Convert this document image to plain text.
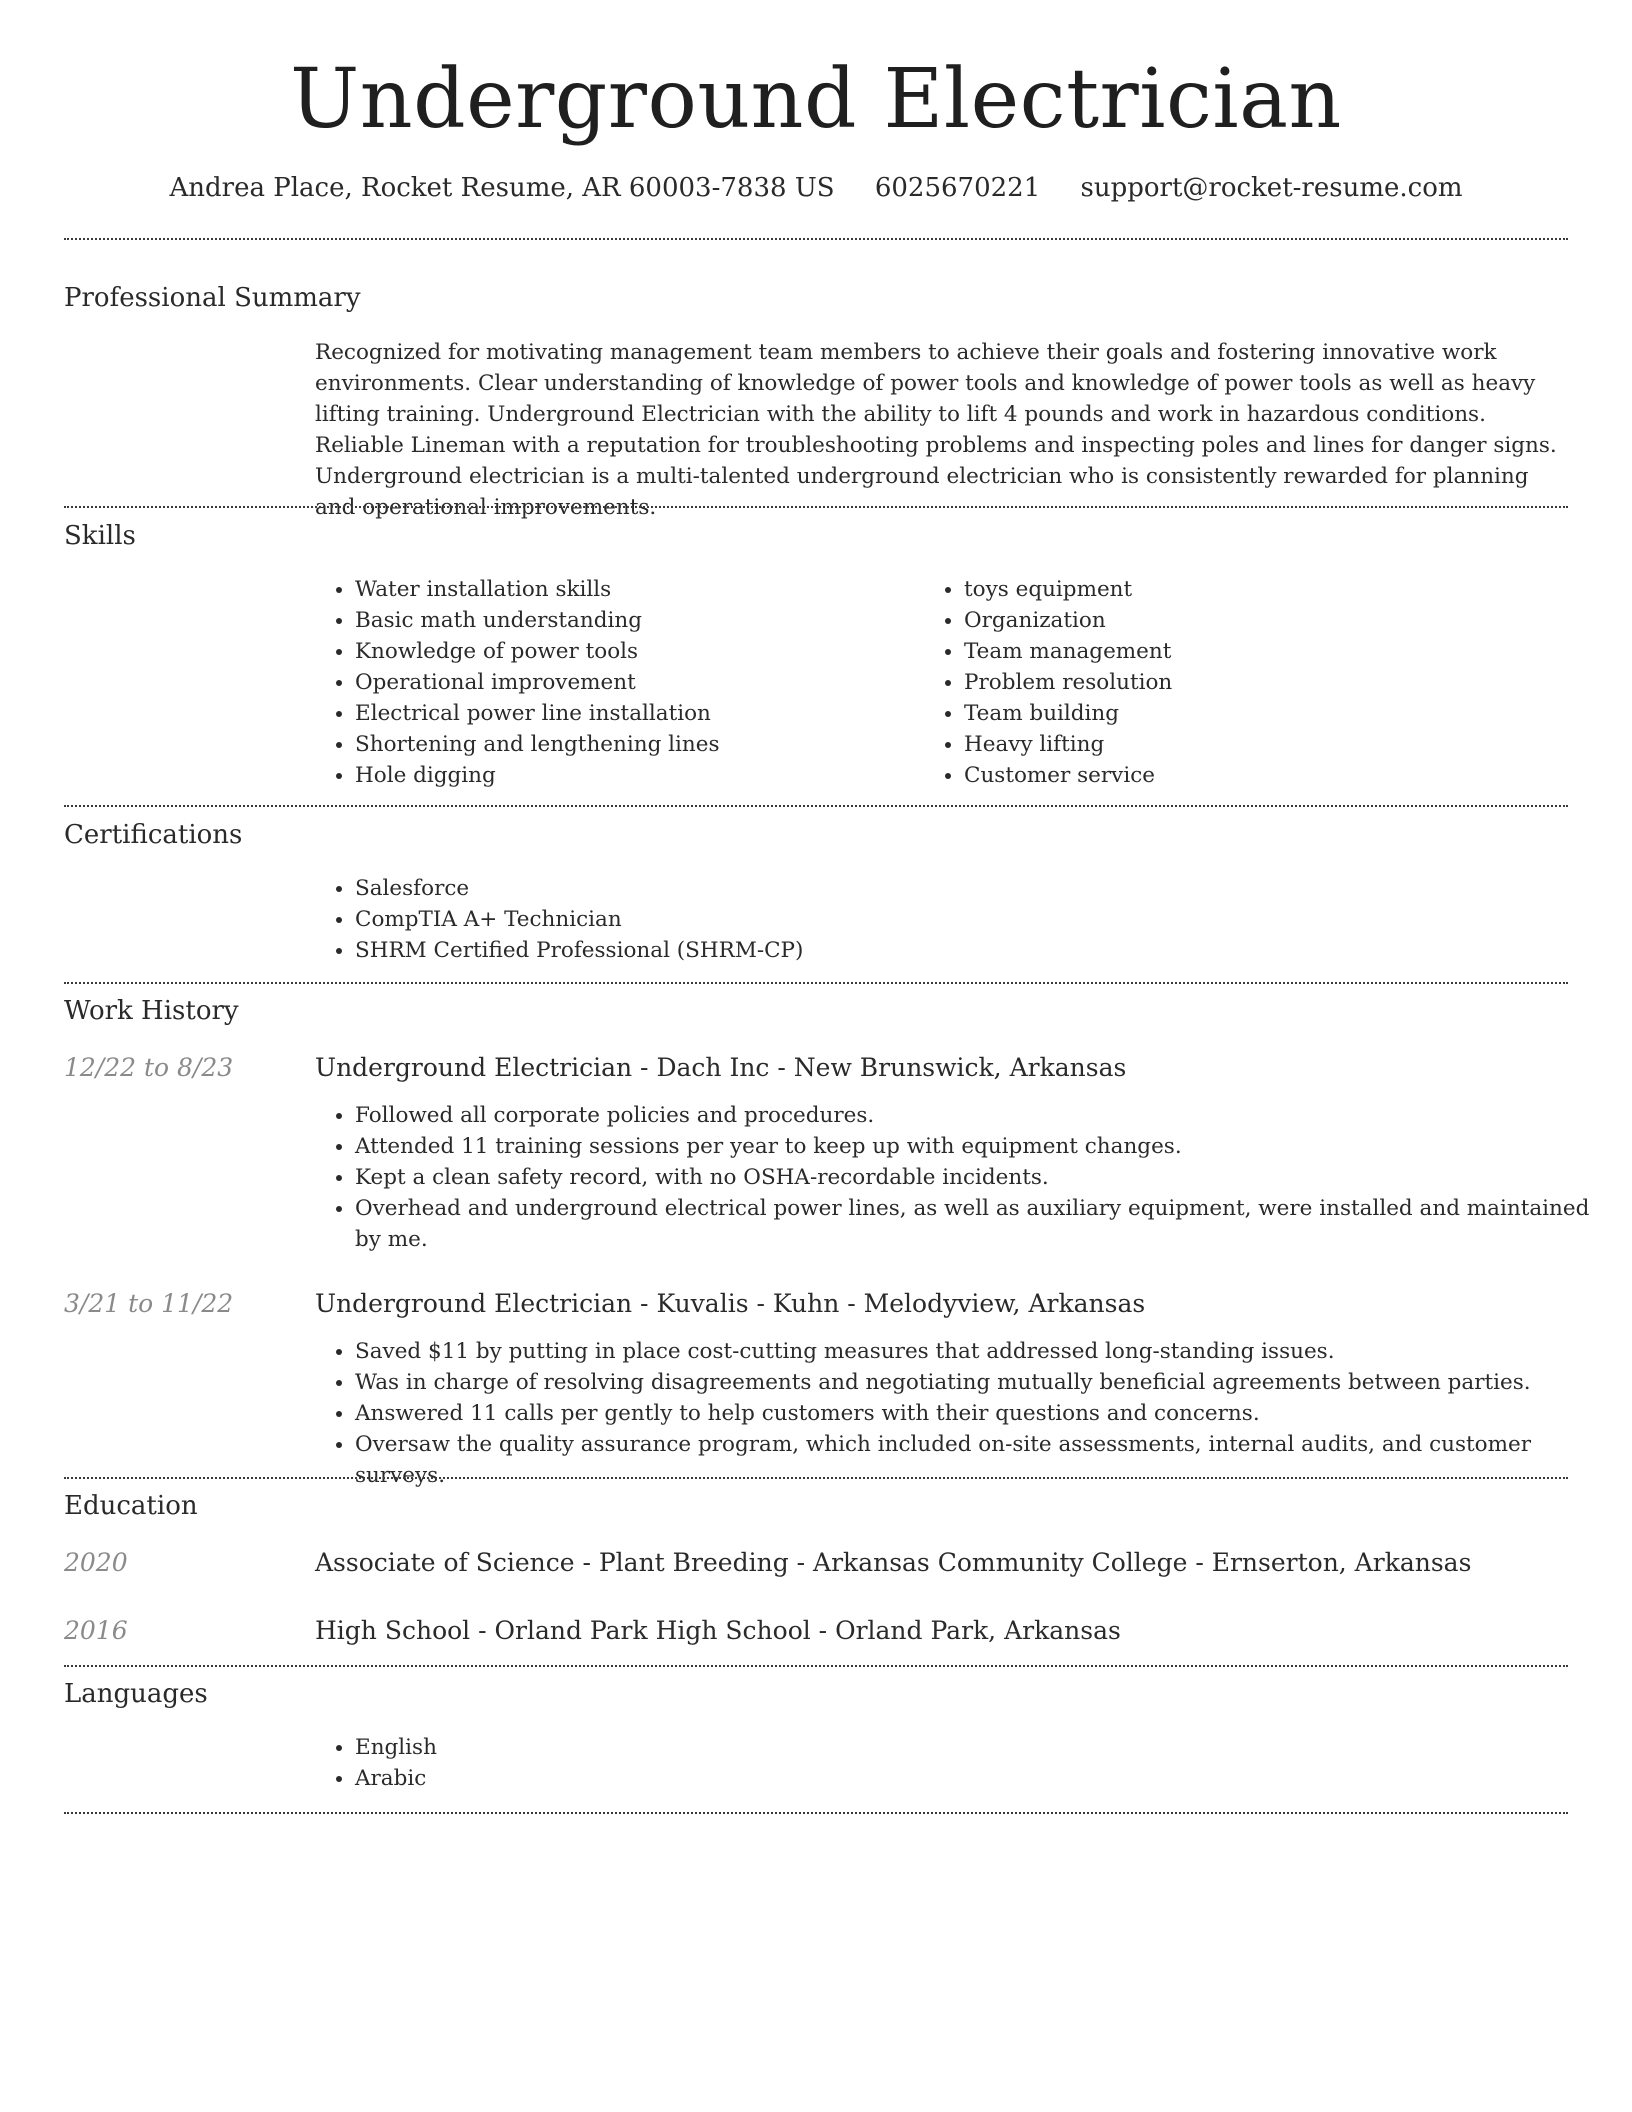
Underground Electrician
Andrea Place, Rocket Resume, AR 60003-7838 US 6025670221 support@rocket-resume.com
Professional Summary
Recognized for motivating management team members to achieve their goals and fostering innovative work environments. Clear understanding of knowledge of power tools and knowledge of power tools as well as heavy lifting training. Underground Electrician with the ability to lift 4 pounds and work in hazardous conditions. Reliable Lineman with a reputation for troubleshooting problems and inspecting poles and lines for danger signs. Underground electrician is a multi-talented underground electrician who is consistently rewarded for planning and operational improvements.
Skills
• Water installation skills
• Basic math understanding
• Knowledge of power tools
• Operational improvement
• Electrical power line installation
• Shortening and lengthening lines
• Hole digging
• toys equipment
• Organization
• Team management
• Problem resolution
• Team building
• Heavy lifting
• Customer service
Certifications
• Salesforce
• CompTIA A+ Technician
• SHRM Certified Professional (SHRM-CP)
Work History
12/22 to 8/23	Underground Electrician - Dach Inc - New Brunswick, Arkansas
• Followed all corporate policies and procedures.
• Attended 11 training sessions per year to keep up with equipment changes.
• Kept a clean safety record, with no OSHA-recordable incidents.
• Overhead and underground electrical power lines, as well as auxiliary equipment, were installed and maintained by me.
3/21 to 11/22	Underground Electrician - Kuvalis - Kuhn - Melodyview, Arkansas
• Saved $11 by putting in place cost-cutting measures that addressed long-standing issues.
• Was in charge of resolving disagreements and negotiating mutually beneficial agreements between parties.
• Answered 11 calls per gently to help customers with their questions and concerns.
• Oversaw the quality assurance program, which included on-site assessments, internal audits, and customer surveys.
Education
2020	Associate of Science - Plant Breeding - Arkansas Community College - Ernserton, Arkansas
2016	High School - Orland Park High School - Orland Park, Arkansas
Languages
• English
• Arabic
